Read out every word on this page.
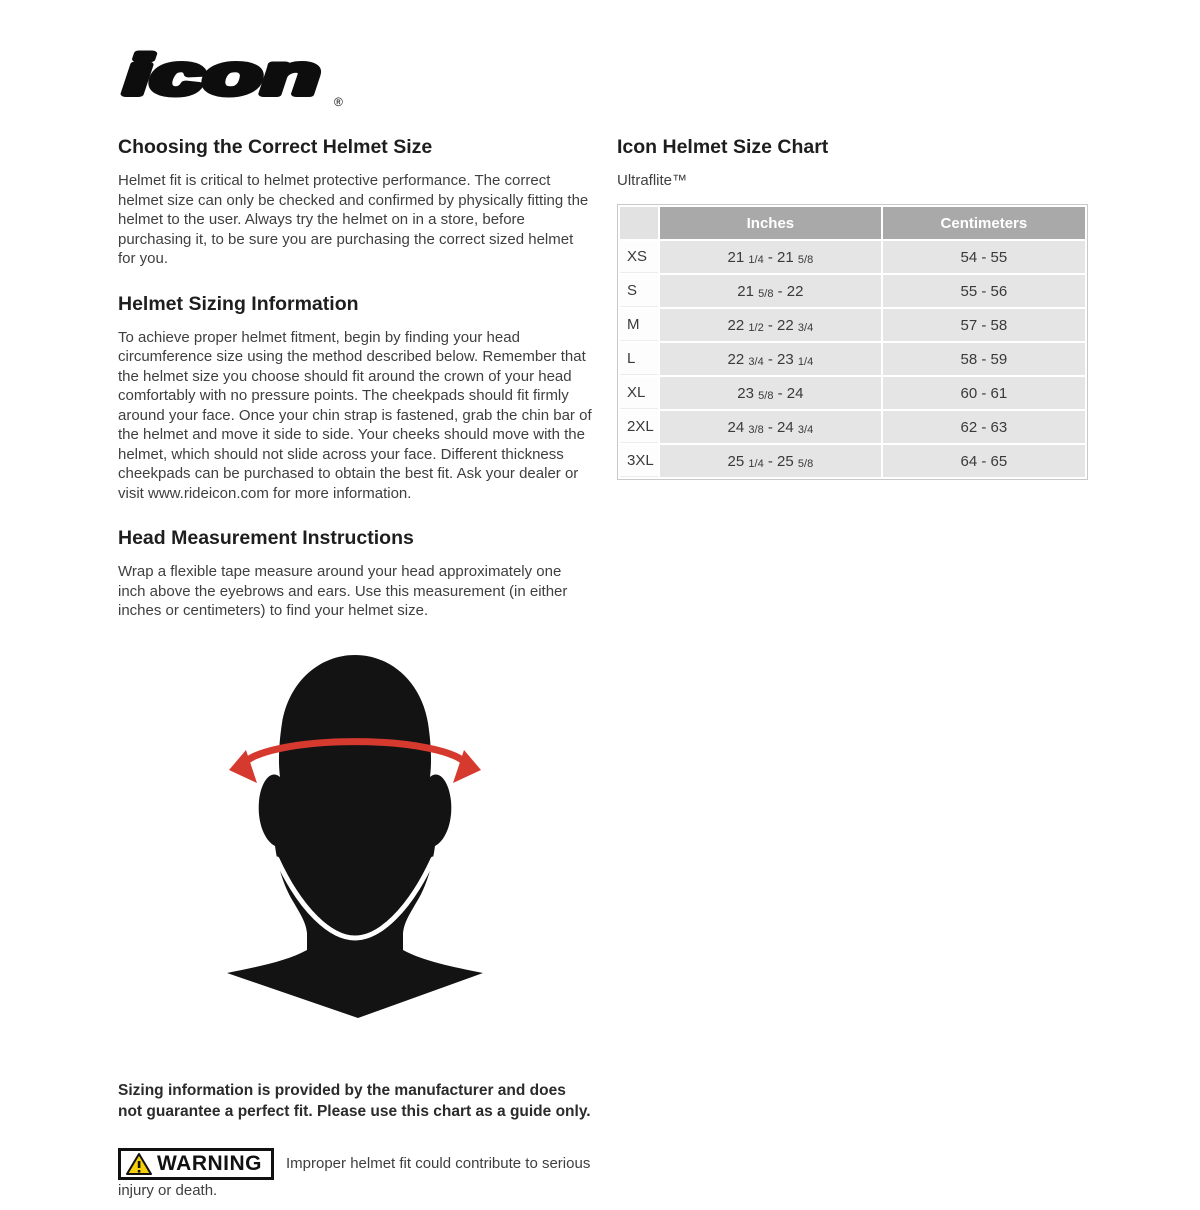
icon ®
Choosing the Correct Helmet Size

Helmet fit is critical to helmet protective performance. The correct helmet size can only be checked and confirmed by physically fitting the helmet to the user. Always try the helmet on in a store, before purchasing it, to be sure you are purchasing the correct sized helmet for you.

Helmet Sizing Information

To achieve proper helmet fitment, begin by finding your head circumference size using the method described below. Remember that the helmet size you choose should fit around the crown of your head comfortably with no pressure points. The cheekpads should fit firmly around your face. Once your chin strap is fastened, grab the chin bar of the helmet and move it side to side. Your cheeks should move with the helmet, which should not slide across your face. Different thickness cheekpads can be purchased to obtain the best fit. Ask your dealer or visit www.rideicon.com for more information.

Head Measurement Instructions

Wrap a flexible tape measure around your head approximately one inch above the eyebrows and ears. Use this measurement (in either inches or centimeters) to find your helmet size.

Sizing information is provided by the manufacturer and does not guarantee a perfect fit. Please use this chart as a guide only.

WARNING Improper helmet fit could contribute to serious injury or death.

Icon Helmet Size Chart

Ultraflite™

	Inches	Centimeters
XS	21 1/4 - 21 5/8	54 - 55
S	21 5/8 - 22	55 - 56
M	22 1/2 - 22 3/4	57 - 58
L	22 3/4 - 23 1/4	58 - 59
XL	23 5/8 - 24	60 - 61
2XL	24 3/8 - 24 3/4	62 - 63
3XL	25 1/4 - 25 5/8	64 - 65
